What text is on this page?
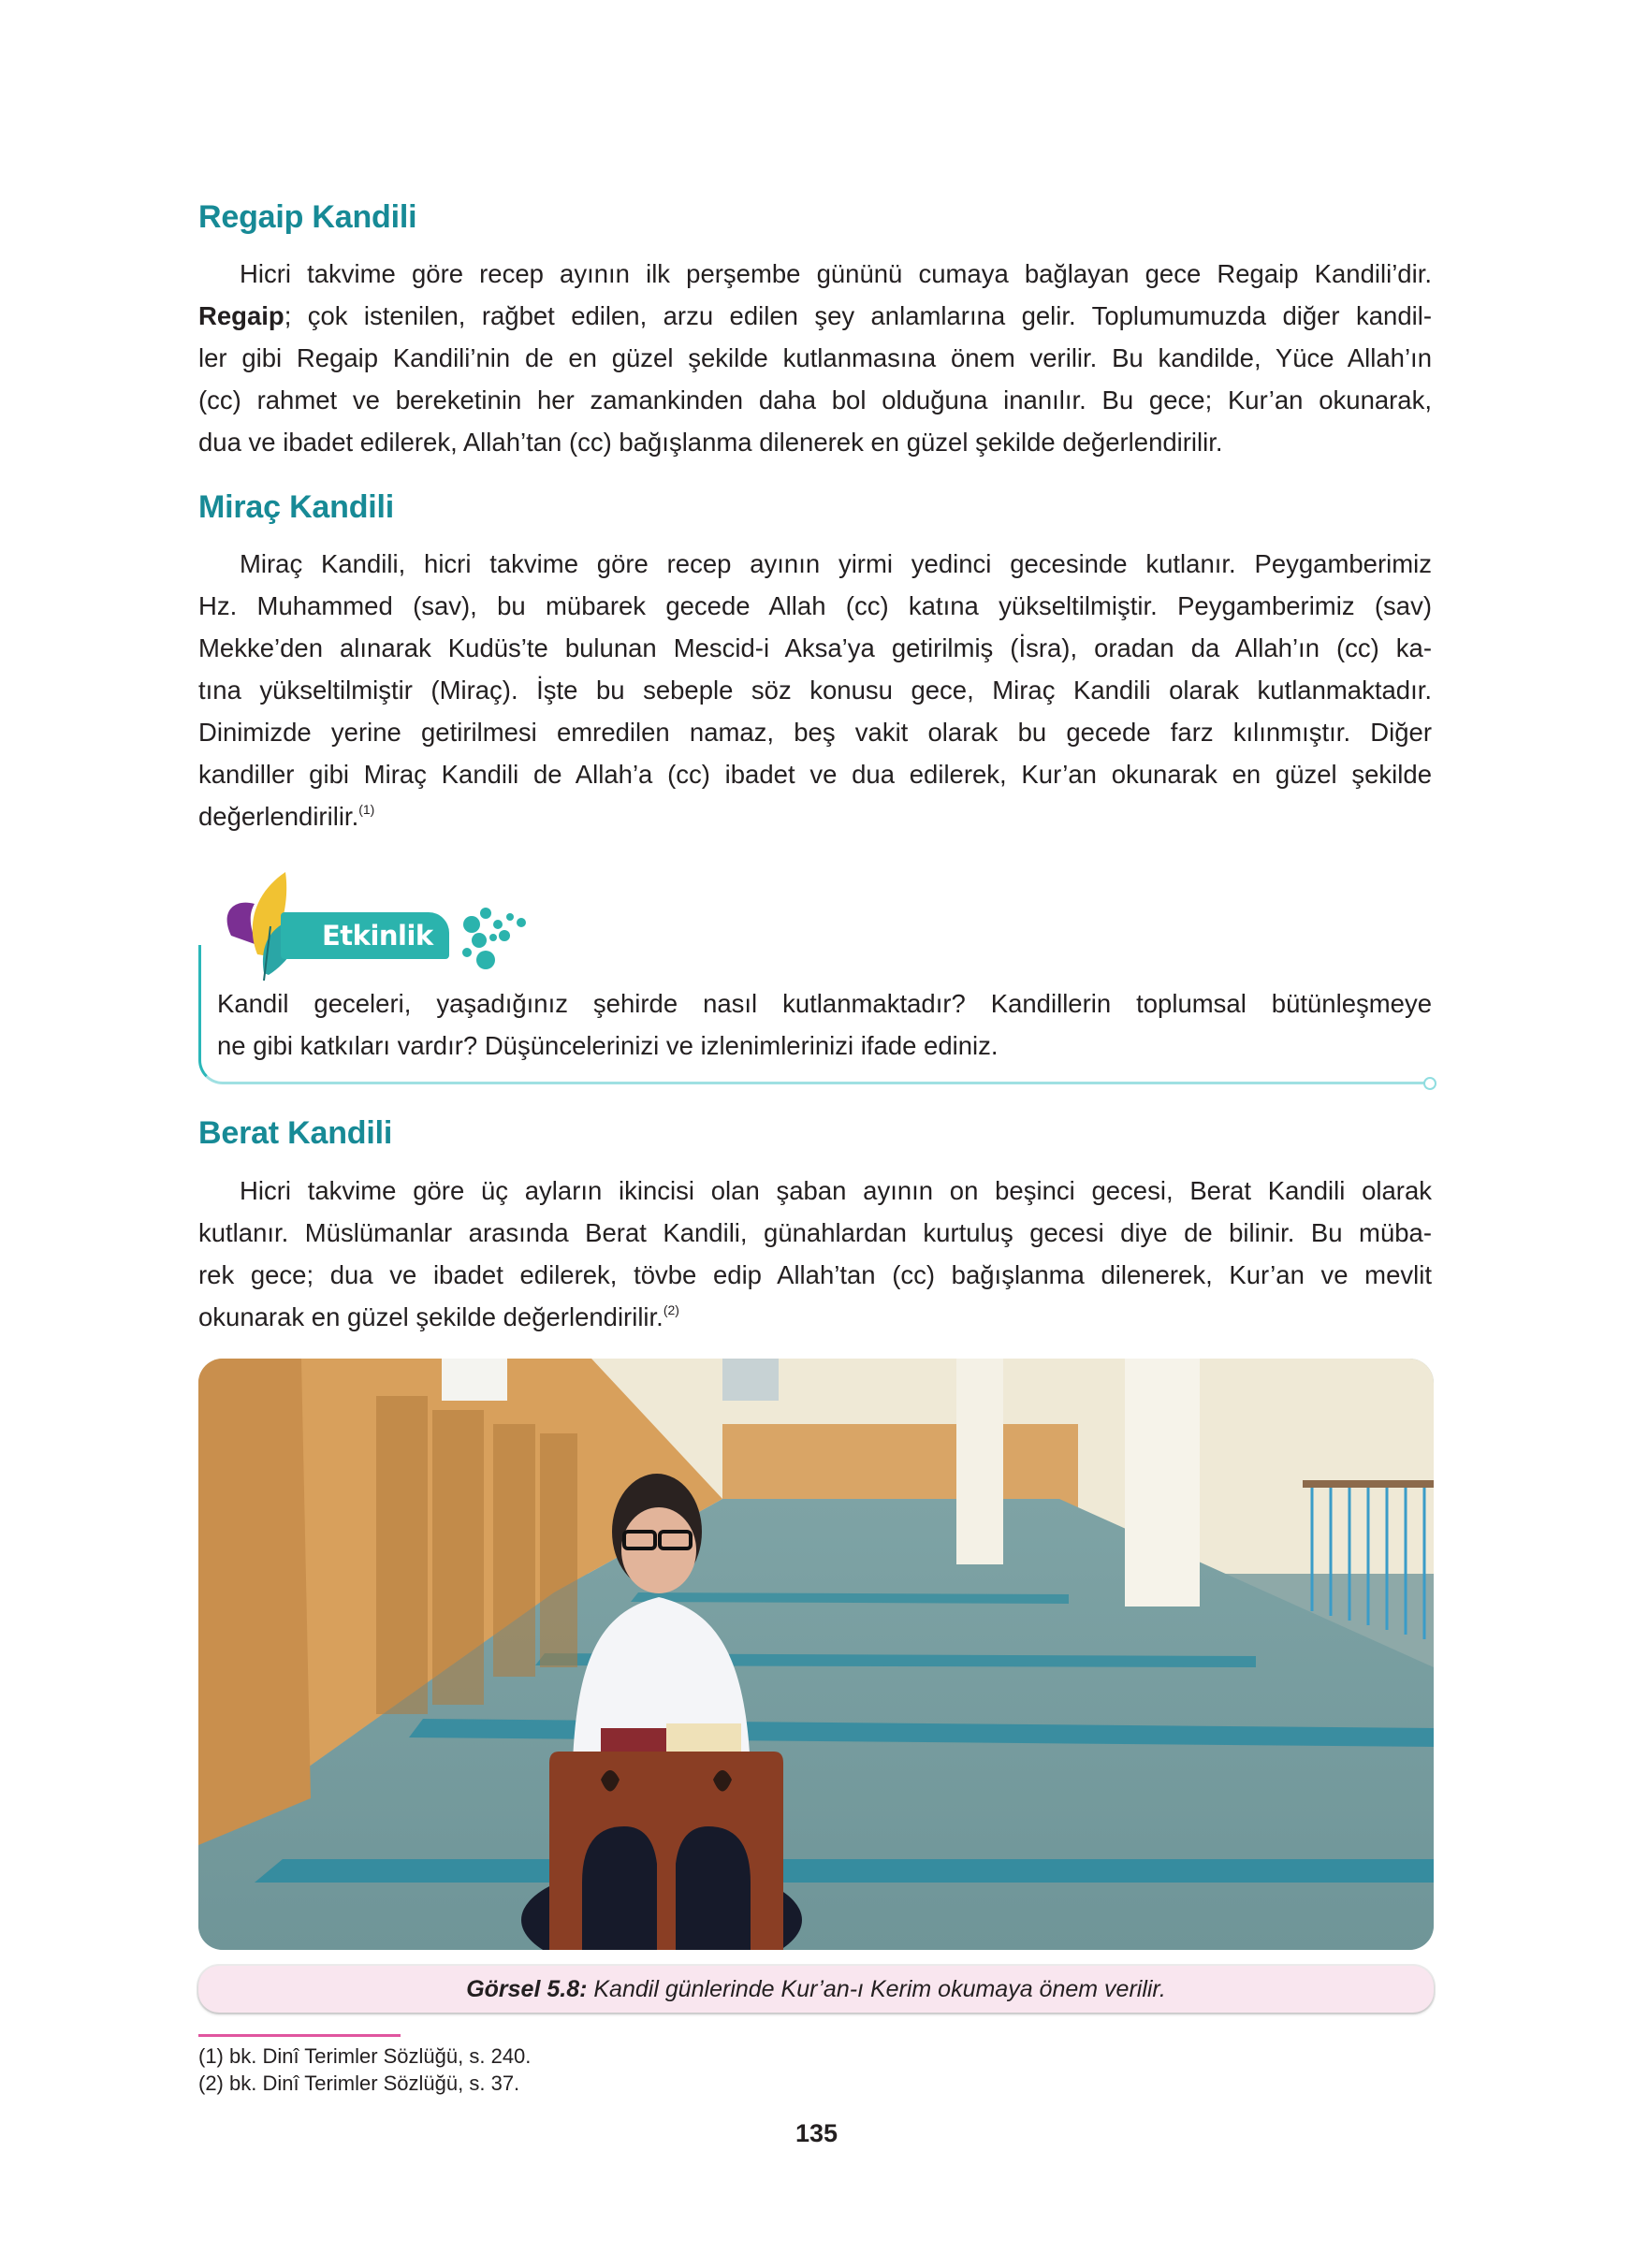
Regaip Kandili
Hicri takvime göre recep ayının ilk perşembe gününü cumaya bağlayan gece Regaip Kandili’dir.
Regaip; çok istenilen, rağbet edilen, arzu edilen şey anlamlarına gelir. Toplumumuzda diğer kandil-
ler gibi Regaip Kandili’nin de en güzel şekilde kutlanmasına önem verilir. Bu kandilde, Yüce Allah’ın
(cc) rahmet ve bereketinin her zamankinden daha bol olduğuna inanılır. Bu gece; Kur’an okunarak,
dua ve ibadet edilerek, Allah’tan (cc) bağışlanma dilenerek en güzel şekilde değerlendirilir.
Miraç Kandili
Miraç Kandili, hicri takvime göre recep ayının yirmi yedinci gecesinde kutlanır. Peygamberimiz
Hz. Muhammed (sav), bu mübarek gecede Allah (cc) katına yükseltilmiştir. Peygamberimiz (sav)
Mekke’den alınarak Kudüs’te bulunan Mescid-i Aksa’ya getirilmiş (İsra), oradan da Allah’ın (cc) ka-
tına yükseltilmiştir (Miraç). İşte bu sebeple söz konusu gece, Miraç Kandili olarak kutlanmaktadır.
Dinimizde yerine getirilmesi emredilen namaz, beş vakit olarak bu gecede farz kılınmıştır. Diğer
kandiller gibi Miraç Kandili de Allah’a (cc) ibadet ve dua edilerek, Kur’an okunarak en güzel şekilde
değerlendirilir.$^{(1)}$
Etkinlik
Kandil geceleri, yaşadığınız şehirde nasıl kutlanmaktadır? Kandillerin toplumsal bütünleşmeye
ne gibi katkıları vardır? Düşüncelerinizi ve izlenimlerinizi ifade ediniz.
Berat Kandili
Hicri takvime göre üç ayların ikincisi olan şaban ayının on beşinci gecesi, Berat Kandili olarak
kutlanır. Müslümanlar arasında Berat Kandili, günahlardan kurtuluş gecesi diye de bilinir. Bu müba-
rek gece; dua ve ibadet edilerek, tövbe edip Allah’tan (cc) bağışlanma dilenerek, Kur’an ve mevlit
okunarak en güzel şekilde değerlendirilir.$^{(2)}$
Görsel 5.8: Kandil günlerinde Kur’an-ı Kerim okumaya önem verilir.
(1) bk. Dinî Terimler Sözlüğü, s. 240.
(2) bk. Dinî Terimler Sözlüğü, s. 37.
135
